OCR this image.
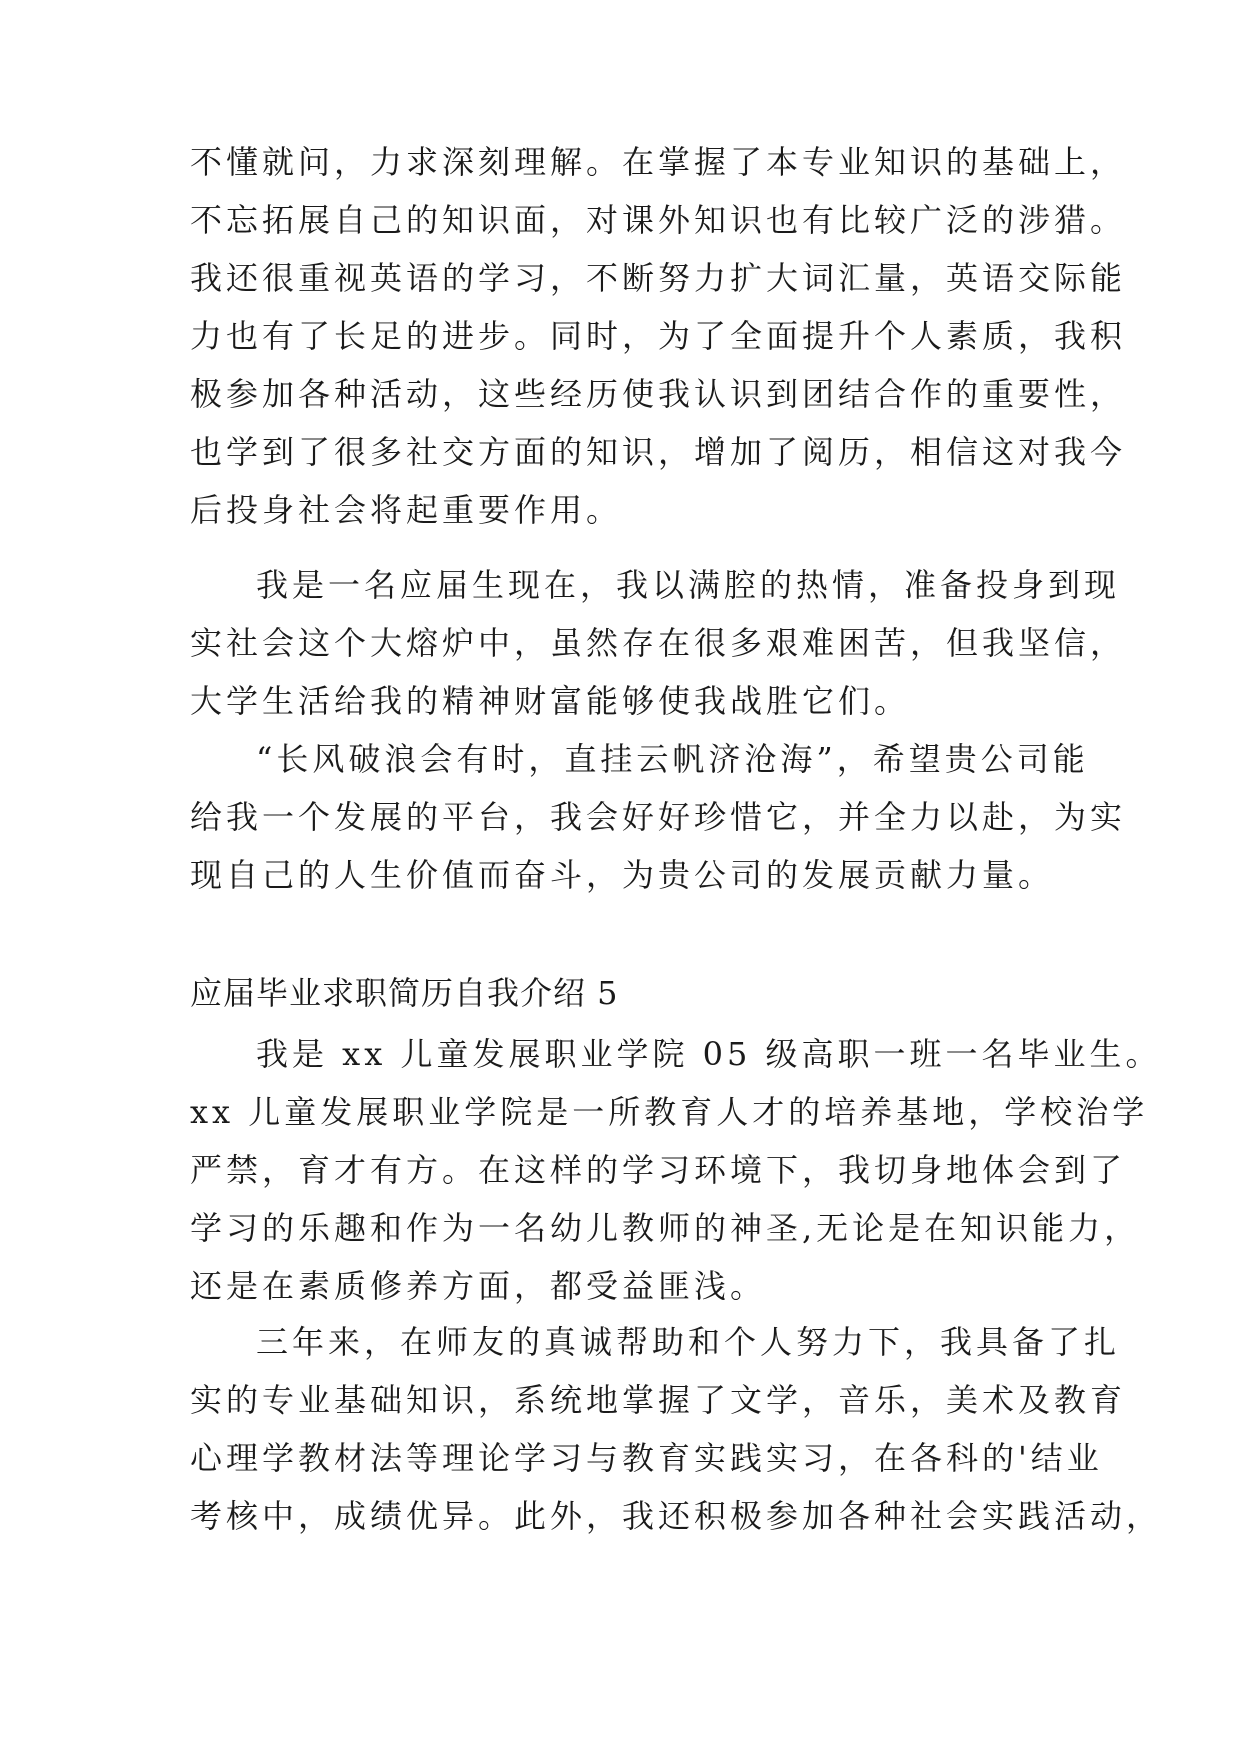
不懂就问，力求深刻理解。在掌握了本专业知识的基础上，
不忘拓展自己的知识面，对课外知识也有比较广泛的涉猎。
我还很重视英语的学习，不断努力扩大词汇量，英语交际能
力也有了长足的进步。同时，为了全面提升个人素质，我积
极参加各种活动，这些经历使我认识到团结合作的重要性，
也学到了很多社交方面的知识，增加了阅历，相信这对我今
后投身社会将起重要作用。
我是一名应届生现在，我以满腔的热情，准备投身到现
实社会这个大熔炉中，虽然存在很多艰难困苦，但我坚信，
大学生活给我的精神财富能够使我战胜它们。
“长风破浪会有时，直挂云帆济沧海”，希望贵公司能
给我一个发展的平台，我会好好珍惜它，并全力以赴，为实
现自己的人生价值而奋斗，为贵公司的发展贡献力量。
应届毕业求职简历自我介绍 5
我是 xx 儿童发展职业学院 05 级高职一班一名毕业生。
xx 儿童发展职业学院是一所教育人才的培养基地，学校治学
严禁，育才有方。在这样的学习环境下，我切身地体会到了
学习的乐趣和作为一名幼儿教师的神圣,无论是在知识能力，
还是在素质修养方面，都受益匪浅。
三年来，在师友的真诚帮助和个人努力下，我具备了扎
实的专业基础知识，系统地掌握了文学，音乐，美术及教育
心理学教材法等理论学习与教育实践实习，在各科的'结业
考核中，成绩优异。此外，我还积极参加各种社会实践活动，
